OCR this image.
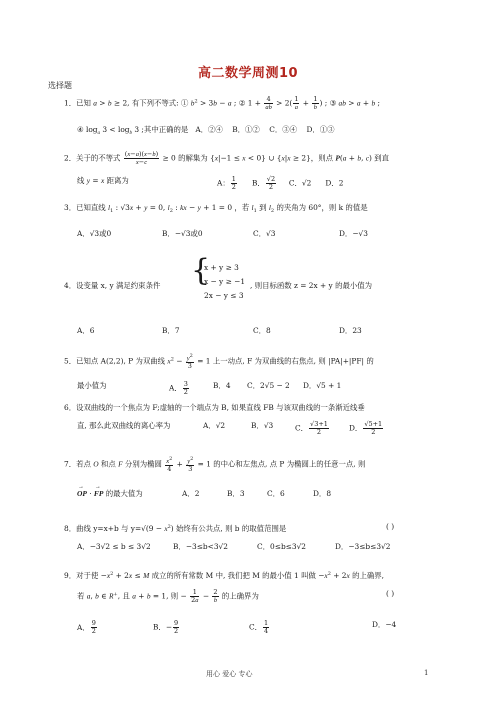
高二数学周测10
选择题
1．已知 a > b ≥ 2, 有下列不等式: ① $b^2 > 3b - a$ ; ② $1 + \frac{4}{ab} > 2( \frac{1}{a} + \frac{1}{b}$ ) ; ③ ab > a + b ;
④ $\log_a 3 < \log_b 3$ ;其中正确的是   A．②④    B．①②    C．③④    D．①③
2．关于的不等式 $\frac{(x-a)(x-b)}{x-c} \ge 0$ 的解集为 {x|−1 ≤ x < 0} ∪ {x|x ≥ 2}，则点 P(a + b, c) 到直
线 y = x 距离为	A： $\frac{1}{2}$ B． $\frac{√2}{2}$ C．√2      D．2
3．已知直线 $l_1$ : √3x + y = 0, $l_2$ : kx − y + 1 = 0 ，若 $l_1$ 到 $l_2$ 的夹角为 60°，则 k 的值是
A．√3或0	B．−√3或0	C．√3	D．−√3
4．设变量 x, y 满足约束条件	{
x + y ≥ 3
x − y ≥ −1
2x − y ≤ 3
, 则目标函数 z = 2x + y 的最小值为
A．6	B．7	C．8	D．23
5．已知点 A(2,2), P 为双曲线 $x^2 - \frac{y^2}{3} = 1$ 上一动点, F 为双曲线的右焦点, 则 |PA|+|PF| 的
最小值为	A． $\frac{3}{2}$	B．4 C．2√5 − 2 D．√5 + 1
6．设双曲线的一个焦点为 F;虚轴的一个端点为 B, 如果直线 FB 与该双曲线的一条渐近线垂
直, 那么此双曲线的离心率为	A．√2	B．√3	C． $\frac{√3+1}{2}$	D． $\frac{√5+1}{2}$
7．若点 O 和点 F 分别为椭圆 $\frac{x^2}{4} + \frac{y^2}{3} = 1$ 的中心和左焦点, 点 P 为椭圆上的任意一点, 则
→ OP · → FP 的最大值为	A．2	B．3	C．6	D．8
8．曲线 y=x+b 与 $y=√(9 - x^2)$ 始终有公共点, 则 b 的取值范围是	( )
A．−3√2 ≤ b ≤ 3√2	B．−3≤b<3√2	C．0≤b≤3√2	D．−3≤b≤3√2
9．对于使 $-x^2 + 2x \le M$ 成立的所有常数 M 中, 我们把 M 的最小值 1 叫做 $-x^2 + 2x$ 的上确界,
若 a, b ∈ R+, 且 a + b = 1, 则 − $\frac{1}{2a} - \frac{2}{b}$ 的上确界为	( )
A． $\frac{9}{2}$	B．− $\frac{9}{2}$	C． $\frac{1}{4}$	D．−4
用心 爱心 专心	1
